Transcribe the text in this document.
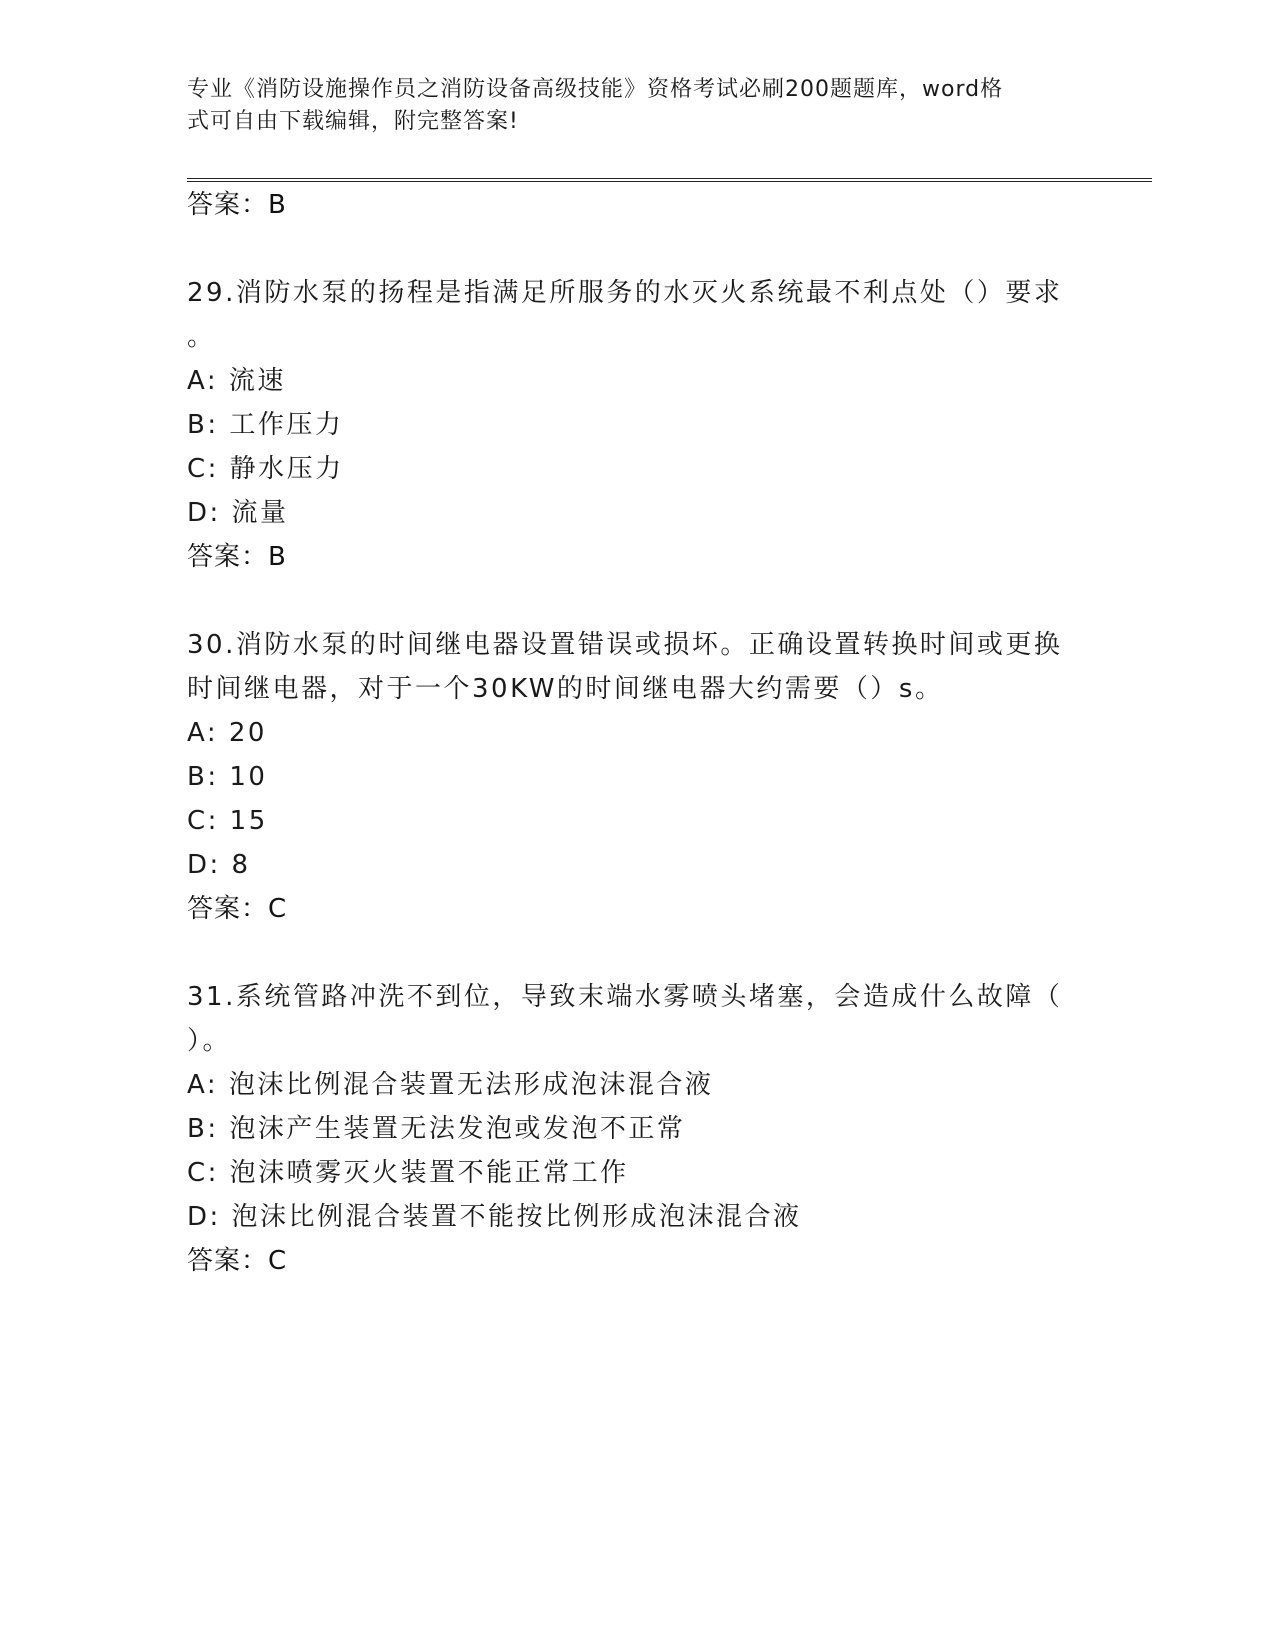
专业《消防设施操作员之消防设备高级技能》资格考试必刷200题题库，word格
式可自由下载编辑，附完整答案!
答案：B
29.消防水泵的扬程是指满足所服务的水灭火系统最不利点处（）要求
。
A: 流速
B: 工作压力
C: 静水压力
D: 流量
答案：B
30.消防水泵的时间继电器设置错误或损坏。正确设置转换时间或更换
时间继电器，对于一个30KW的时间继电器大约需要（）s。
A: 20
B: 10
C: 15
D: 8
答案：C
31.系统管路冲洗不到位，导致末端水雾喷头堵塞，会造成什么故障（
）。
A: 泡沫比例混合装置无法形成泡沫混合液
B: 泡沫产生装置无法发泡或发泡不正常
C: 泡沫喷雾灭火装置不能正常工作
D: 泡沫比例混合装置不能按比例形成泡沫混合液
答案：C
